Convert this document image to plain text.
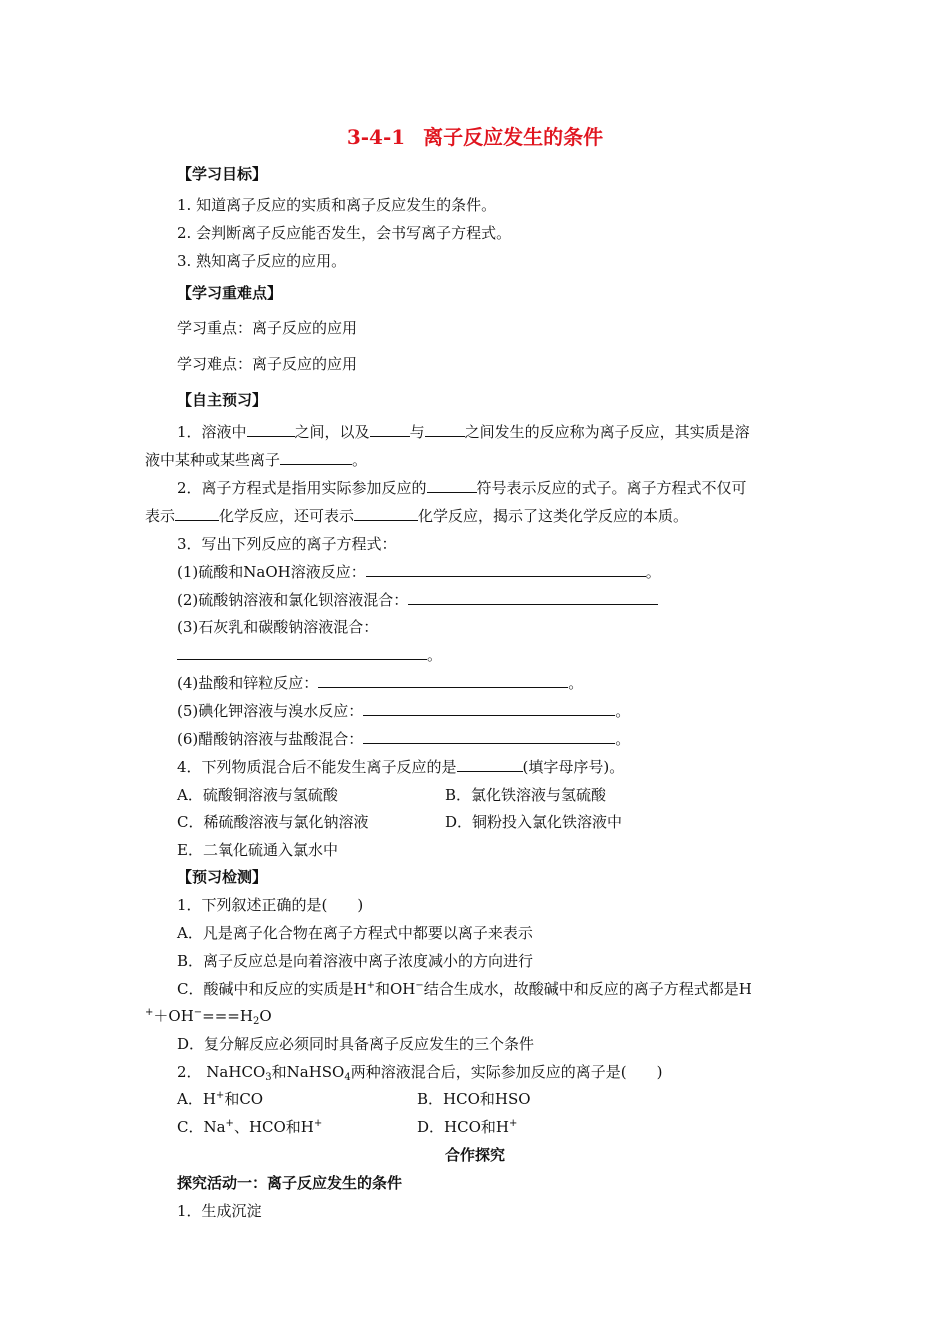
3-4-1 离子反应发生的条件
【学习目标】
1. 知道离子反应的实质和离子反应发生的条件。
2. 会判断离子反应能否发生，会书写离子方程式。
3. 熟知离子反应的应用。
【学习重难点】
学习重点：离子反应的应用
学习难点：离子反应的应用
【自主预习】
1．溶液中	之间，以及	与	之间发生的反应称为离子反应，其实质是溶
液中某种或某些离子	。
2．离子方程式是指用实际参加反应的	符号表示反应的式子。离子方程式不仅可
表示	化学反应，还可表示	化学反应，揭示了这类化学反应的本质。
3．写出下列反应的离子方程式：
(1)硫酸和NaOH溶液反应：	。
(2)硫酸钠溶液和氯化钡溶液混合：
(3)石灰乳和碳酸钠溶液混合：
。
(4)盐酸和锌粒反应：	。
(5)碘化钾溶液与溴水反应：	。
(6)醋酸钠溶液与盐酸混合：	。
4．下列物质混合后不能发生离子反应的是	(填字母序号)。
A．硫酸铜溶液与氢硫酸	B．氯化铁溶液与氢硫酸
C．稀硫酸溶液与氯化钠溶液	D．铜粉投入氯化铁溶液中
E．二氧化硫通入氯水中
【预习检测】
1．下列叙述正确的是(　　)
A．凡是离子化合物在离子方程式中都要以离子来表示
B．离子反应总是向着溶液中离子浓度减小的方向进行
C．酸碱中和反应的实质是H+和OH−结合生成水，故酸碱中和反应的离子方程式都是H
$^++OH^-===H_2O$
D．复分解反应必须同时具备离子反应发生的三个条件
2． NaHCO$_3$和NaHSO$_4$两种溶液混合后，实际参加反应的离子是(　　)
A．H+和CO	B．HCO和HSO
C．Na+、HCO和H+	D．HCO和H+
合作探究
探究活动一：离子反应发生的条件
1．生成沉淀
